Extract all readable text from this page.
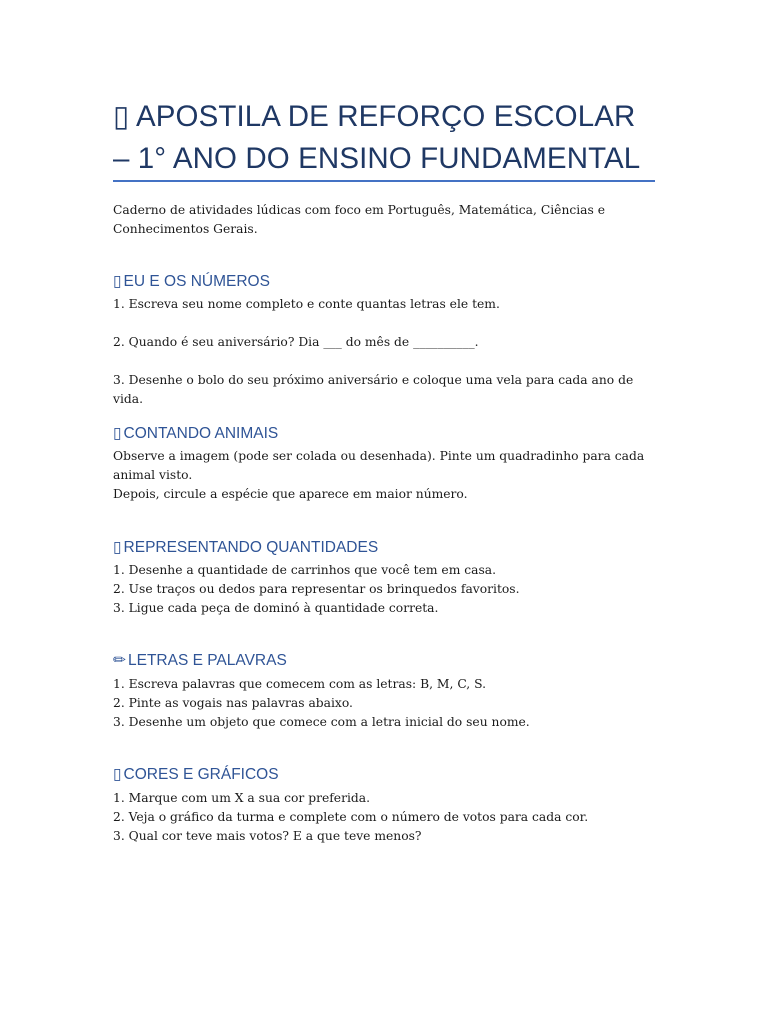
▯ APOSTILA DE REFORÇO ESCOLAR – 1° ANO DO ENSINO FUNDAMENTAL

Caderno de atividades lúdicas com foco em Português, Matemática, Ciências e Conhecimentos Gerais.

▯ EU E OS NÚMEROS
1. Escreva seu nome completo e conte quantas letras ele tem.
2. Quando é seu aniversário? Dia ___ do mês de __________.
3. Desenhe o bolo do seu próximo aniversário e coloque uma vela para cada ano de vida.
▯ CONTANDO ANIMAIS
Observe a imagem (pode ser colada ou desenhada). Pinte um quadradinho para cada animal visto.
Depois, circule a espécie que aparece em maior número.
▯ REPRESENTANDO QUANTIDADES
1. Desenhe a quantidade de carrinhos que você tem em casa.
2. Use traços ou dedos para representar os brinquedos favoritos.
3. Ligue cada peça de dominó à quantidade correta.
✏ LETRAS E PALAVRAS
1. Escreva palavras que comecem com as letras: B, M, C, S.
2. Pinte as vogais nas palavras abaixo.
3. Desenhe um objeto que comece com a letra inicial do seu nome.
▯ CORES E GRÁFICOS
1. Marque com um X a sua cor preferida.
2. Veja o gráfico da turma e complete com o número de votos para cada cor.
3. Qual cor teve mais votos? E a que teve menos?
